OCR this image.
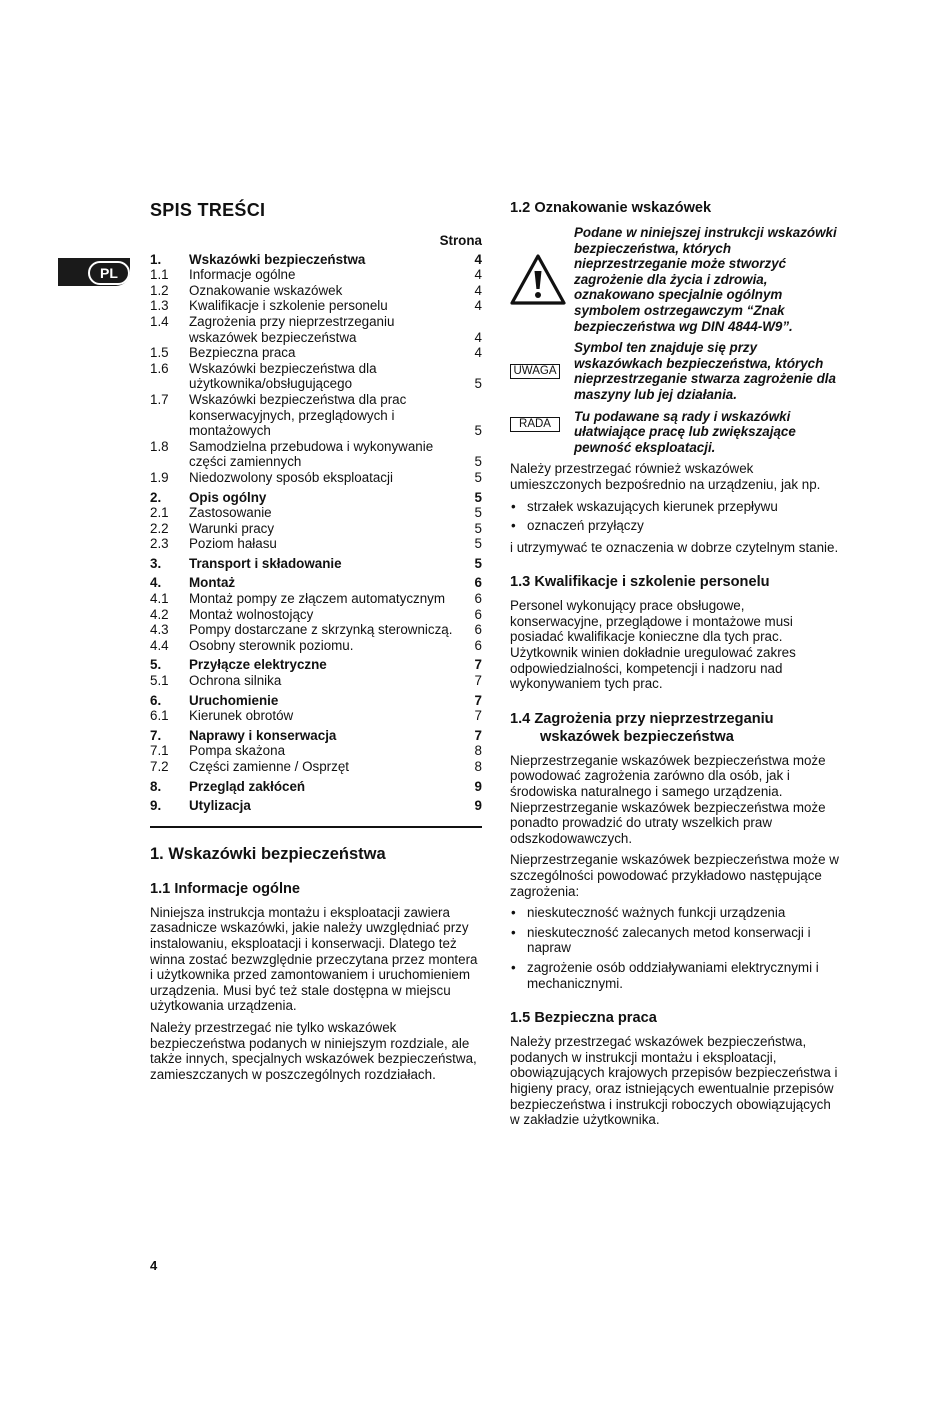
PL
SPIS TREŚCI
Strona
1.	Wskazówki bezpieczeństwa	4
1.1	Informacje ogólne	4
1.2	Oznakowanie wskazówek	4
1.3	Kwalifikacje i szkolenie personelu	4
1.4	Zagrożenia przy nieprzestrzeganiu wskazówek bezpieczeństwa	4
1.5	Bezpieczna praca	4
1.6	Wskazówki bezpieczeństwa dla użytkownika/obsługującego	5
1.7	Wskazówki bezpieczeństwa dla prac konserwacyjnych, przeglądowych i montażowych	5
1.8	Samodzielna przebudowa i wykonywanie części zamiennych	5
1.9	Niedozwolony sposób eksploatacji	5
2.	Opis ogólny	5
2.1	Zastosowanie	5
2.2	Warunki pracy	5
2.3	Poziom hałasu	5
3.	Transport i składowanie	5
4.	Montaż	6
4.1	Montaż pompy ze złączem automatycznym	6
4.2	Montaż wolnostojący	6
4.3	Pompy dostarczane z skrzynką sterowniczą.	6
4.4	Osobny sterownik poziomu.	6
5.	Przyłącze elektryczne	7
5.1	Ochrona silnika	7
6.	Uruchomienie	7
6.1	Kierunek obrotów	7
7.	Naprawy i konserwacja	7
7.1	Pompa skażona	8
7.2	Części zamienne / Osprzęt	8
8.	Przegląd zakłóceń	9
9.	Utylizacja	9
1. Wskazówki bezpieczeństwa
1.1 Informacje ogólne

Niniejsza instrukcja montażu i eksploatacji zawiera zasadnicze wskazówki, jakie należy uwzględniać przy instalowaniu, eksploatacji i konserwacji. Dlatego też winna zostać bezwzględnie przeczytana przez montera i użytkownika przed zamontowaniem i uruchomieniem urządzenia. Musi być też stale dostępna w miejscu użytkowania urządzenia.

Należy przestrzegać nie tylko wskazówek bezpieczeństwa podanych w niniejszym rozdziale, ale także innych, specjalnych wskazówek bezpieczeństwa, zamieszczanych w poszczególnych rozdziałach.

1.2 Oznakowanie wskazówek
Podane w niniejszej instrukcji wskazówki bezpieczeństwa, których nieprzestrzeganie może stworzyć zagrożenie dla życia i zdrowia, oznakowano specjalnie ogólnym symbolem ostrzegawczym “Znak bezpieczeństwa wg DIN 4844-W9”.
UWAGA
Symbol ten znajduje się przy wskazówkach bezpieczeństwa, których nieprzestrzeganie stwarza zagrożenie dla maszyny lub jej działania.
RADA	Tu podawane są rady i wskazówki ułatwiające pracę lub zwiększające pewność eksploatacji.

Należy przestrzegać również wskazówek umieszczonych bezpośrednio na urządzeniu, jak np.

• strzałek wskazujących kierunek przepływu
• oznaczeń przyłączy

i utrzymywać te oznaczenia w dobrze czytelnym stanie.

1.3 Kwalifikacje i szkolenie personelu

Personel wykonujący prace obsługowe, konserwacyjne, przeglądowe i montażowe musi posiadać kwalifikacje konieczne dla tych prac. Użytkownik winien dokładnie uregulować zakres odpowiedzialności, kompetencji i nadzoru nad wykonywaniem tych prac.

1.4 Zagrożenia przy nieprzestrzeganiu
wskazówek bezpieczeństwa

Nieprzestrzeganie wskazówek bezpieczeństwa może powodować zagrożenia zarówno dla osób, jak i środowiska naturalnego i samego urządzenia. Nieprzestrzeganie wskazówek bezpieczeństwa może ponadto prowadzić do utraty wszelkich praw odszkodowawczych.

Nieprzestrzeganie wskazówek bezpieczeństwa może w szczególności powodować przykładowo następujące zagrożenia:

• nieskuteczność ważnych funkcji urządzenia
• nieskuteczność zalecanych metod konserwacji i napraw
• zagrożenie osób oddziaływaniami elektrycznymi i mechanicznymi.
1.5 Bezpieczna praca

Należy przestrzegać wskazówek bezpieczeństwa, podanych w instrukcji montażu i eksploatacji, obowiązujących krajowych przepisów bezpieczeństwa i higieny pracy, oraz istniejących ewentualnie przepisów bezpieczeństwa i instrukcji roboczych obowiązujących w zakładzie użytkownika.

4
